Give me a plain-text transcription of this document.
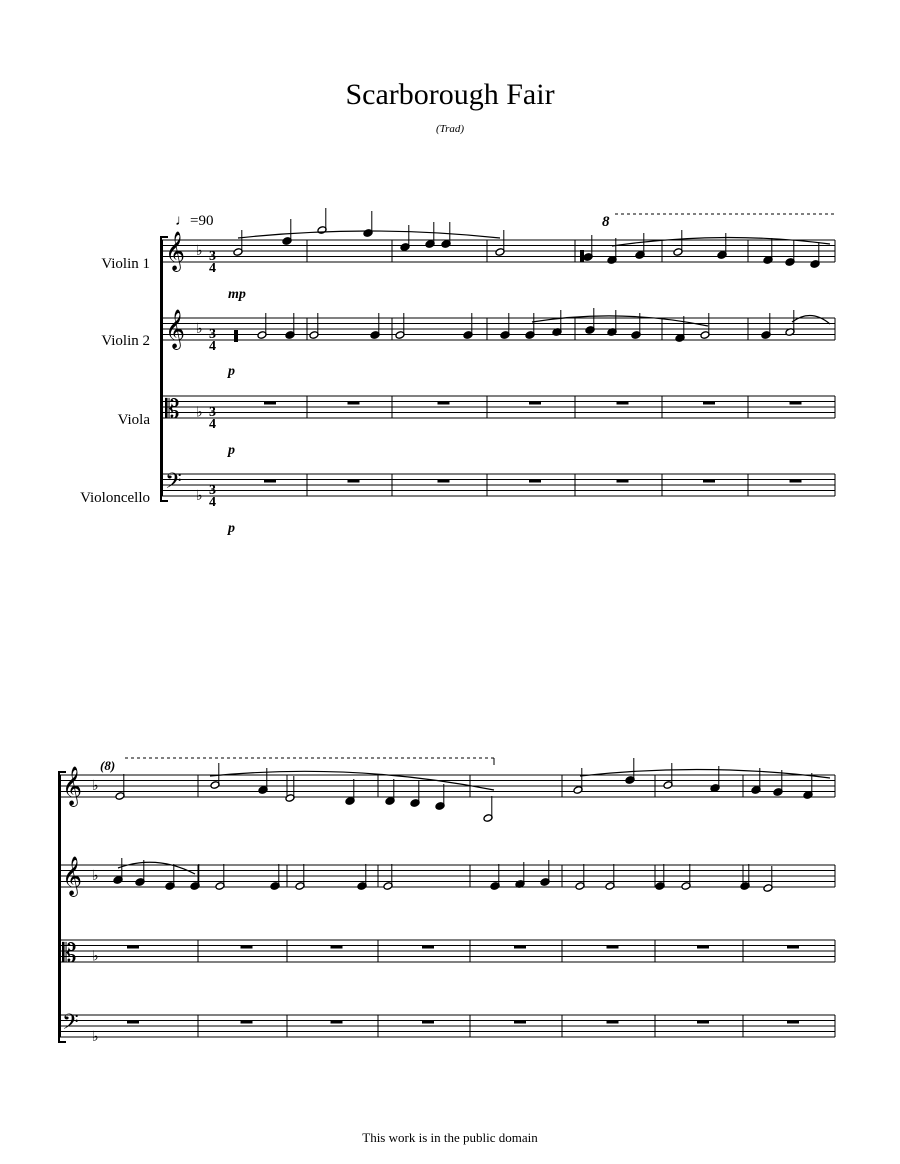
Scarborough Fair
(Trad)
♩=90
Violin 1
Violin 2
Viola
Violoncello
mp
p
p
p
8
(8)
3
4
3
4
3
4
3
4
𝄞 ♭
𝄞 ♭
𝄡 ♭
𝄢 ♭
𝄞 ♭
𝄞 ♭
𝄡 ♭
𝄢 ♭
This work is in the public domain
